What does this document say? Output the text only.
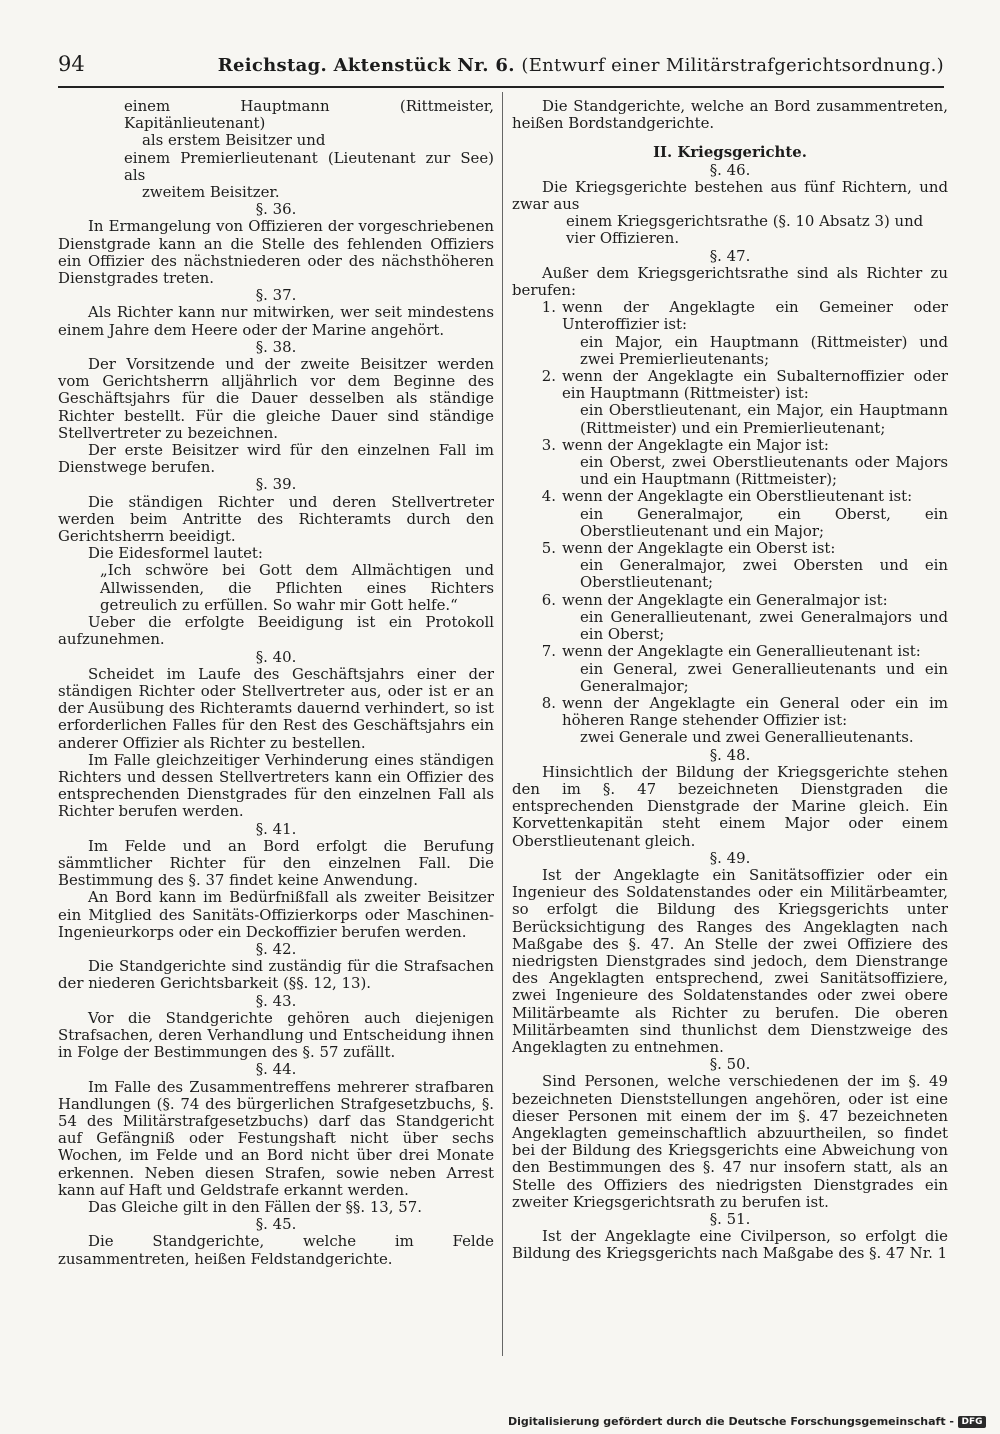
94	Reichstag. Aktenstück Nr. 6. (Entwurf einer Militärstrafgerichtsordnung.)

einem Hauptmann (Rittmeister, Kapitänlieutenant)

als erstem Beisitzer und

einem Premierlieutenant (Lieutenant zur See) als

zweitem Beisitzer.

§. 36.

In Ermangelung von Offizieren der vorgeschriebenen Dienstgrade kann an die Stelle des fehlenden Offiziers ein Offizier des nächstniederen oder des nächsthöheren Dienstgrades treten.

§. 37.

Als Richter kann nur mitwirken, wer seit mindestens einem Jahre dem Heere oder der Marine angehört.

§. 38.

Der Vorsitzende und der zweite Beisitzer werden vom Gerichtsherrn alljährlich vor dem Beginne des Geschäftsjahrs für die Dauer desselben als ständige Richter bestellt. Für die gleiche Dauer sind ständige Stellvertreter zu bezeichnen.

Der erste Beisitzer wird für den einzelnen Fall im Dienstwege berufen.

§. 39.

Die ständigen Richter und deren Stellvertreter werden beim Antritte des Richteramts durch den Gerichtsherrn beeidigt.

Die Eidesformel lautet:

„Ich schwöre bei Gott dem Allmächtigen und Allwissenden, die Pflichten eines Richters getreulich zu erfüllen. So wahr mir Gott helfe.“

Ueber die erfolgte Beeidigung ist ein Protokoll aufzunehmen.

§. 40.

Scheidet im Laufe des Geschäftsjahrs einer der ständigen Richter oder Stellvertreter aus, oder ist er an der Ausübung des Richteramts dauernd verhindert, so ist erforderlichen Falles für den Rest des Geschäftsjahrs ein anderer Offizier als Richter zu bestellen.

Im Falle gleichzeitiger Verhinderung eines ständigen Richters und dessen Stellvertreters kann ein Offizier des entsprechenden Dienstgrades für den einzelnen Fall als Richter berufen werden.

§. 41.

Im Felde und an Bord erfolgt die Berufung sämmtlicher Richter für den einzelnen Fall. Die Bestimmung des §. 37 findet keine Anwendung.

An Bord kann im Bedürfnißfall als zweiter Beisitzer ein Mitglied des Sanitäts-Offizierkorps oder Maschinen-Ingenieurkorps oder ein Deckoffizier berufen werden.

§. 42.

Die Standgerichte sind zuständig für die Strafsachen der niederen Gerichtsbarkeit (§§. 12, 13).

§. 43.

Vor die Standgerichte gehören auch diejenigen Strafsachen, deren Verhandlung und Entscheidung ihnen in Folge der Bestimmungen des §. 57 zufällt.

§. 44.

Im Falle des Zusammentreffens mehrerer strafbaren Handlungen (§. 74 des bürgerlichen Strafgesetzbuchs, §. 54 des Militärstrafgesetzbuchs) darf das Standgericht auf Gefängniß oder Festungshaft nicht über sechs Wochen, im Felde und an Bord nicht über drei Monate erkennen. Neben diesen Strafen, sowie neben Arrest kann auf Haft und Geldstrafe erkannt werden.

Das Gleiche gilt in den Fällen der §§. 13, 57.

§. 45.

Die Standgerichte, welche im Felde zusammentreten, heißen Feldstandgerichte.

Die Standgerichte, welche an Bord zusammentreten, heißen Bordstandgerichte.

II. Kriegsgerichte.
§. 46.

Die Kriegsgerichte bestehen aus fünf Richtern, und zwar aus

einem Kriegsgerichtsrathe (§. 10 Absatz 3) und

vier Offizieren.

§. 47.

Außer dem Kriegsgerichtsrathe sind als Richter zu berufen:

1. wenn der Angeklagte ein Gemeiner oder Unteroffizier ist:
ein Major, ein Hauptmann (Rittmeister) und zwei Premierlieutenants;
2. wenn der Angeklagte ein Subalternoffizier oder ein Hauptmann (Rittmeister) ist:
ein Oberstlieutenant, ein Major, ein Hauptmann (Rittmeister) und ein Premierlieutenant;
3. wenn der Angeklagte ein Major ist:
ein Oberst, zwei Oberstlieutenants oder Majors und ein Hauptmann (Rittmeister);
4. wenn der Angeklagte ein Oberstlieutenant ist:
ein Generalmajor, ein Oberst, ein Oberstlieutenant und ein Major;
5. wenn der Angeklagte ein Oberst ist:
ein Generalmajor, zwei Obersten und ein Oberstlieutenant;
6. wenn der Angeklagte ein Generalmajor ist:
ein Generallieutenant, zwei Generalmajors und ein Oberst;
7. wenn der Angeklagte ein Generallieutenant ist:
ein General, zwei Generallieutenants und ein Generalmajor;
8. wenn der Angeklagte ein General oder ein im höheren Range stehender Offizier ist:
zwei Generale und zwei Generallieutenants.
§. 48.

Hinsichtlich der Bildung der Kriegsgerichte stehen den im §. 47 bezeichneten Dienstgraden die entsprechenden Dienstgrade der Marine gleich. Ein Korvettenkapitän steht einem Major oder einem Oberstlieutenant gleich.

§. 49.

Ist der Angeklagte ein Sanitätsoffizier oder ein Ingenieur des Soldatenstandes oder ein Militärbeamter, so erfolgt die Bildung des Kriegsgerichts unter Berücksichtigung des Ranges des Angeklagten nach Maßgabe des §. 47. An Stelle der zwei Offiziere des niedrigsten Dienstgrades sind jedoch, dem Dienstrange des Angeklagten entsprechend, zwei Sanitätsoffiziere, zwei Ingenieure des Soldatenstandes oder zwei obere Militärbeamte als Richter zu berufen. Die oberen Militärbeamten sind thunlichst dem Dienstzweige des Angeklagten zu entnehmen.

§. 50.

Sind Personen, welche verschiedenen der im §. 49 bezeichneten Dienststellungen angehören, oder ist eine dieser Personen mit einem der im §. 47 bezeichneten Angeklagten gemeinschaftlich abzuurtheilen, so findet bei der Bildung des Kriegsgerichts eine Abweichung von den Bestimmungen des §. 47 nur insofern statt, als an Stelle des Offiziers des niedrigsten Dienstgrades ein zweiter Kriegsgerichtsrath zu berufen ist.

§. 51.

Ist der Angeklagte eine Civilperson, so erfolgt die Bildung des Kriegsgerichts nach Maßgabe des §. 47 Nr. 1

Digitalisierung gefördert durch die Deutsche Forschungsgemeinschaft - DFG
